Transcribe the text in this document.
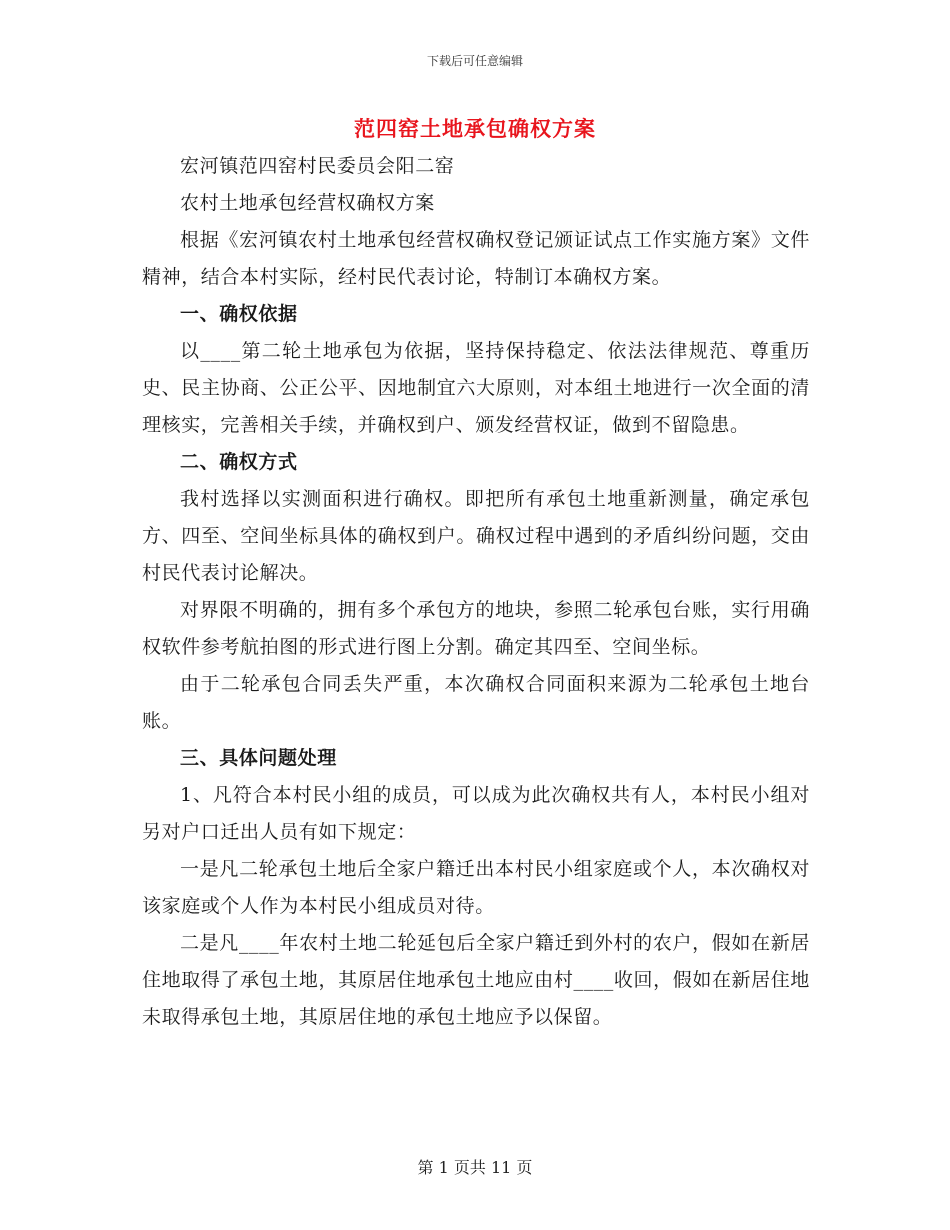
下载后可任意编辑
范四窑土地承包确权方案

宏河镇范四窑村民委员会阳二窑

农村土地承包经营权确权方案

根据《宏河镇农村土地承包经营权确权登记颁证试点工作实施方案》文件精神，结合本村实际，经村民代表讨论，特制订本确权方案。

一、确权依据

以____第二轮土地承包为依据，坚持保持稳定、依法法律规范、尊重历史、民主协商、公正公平、因地制宜六大原则，对本组土地进行一次全面的清理核实，完善相关手续，并确权到户、颁发经营权证，做到不留隐患。

二、确权方式

我村选择以实测面积进行确权。即把所有承包土地重新测量，确定承包方、四至、空间坐标具体的确权到户。确权过程中遇到的矛盾纠纷问题，交由村民代表讨论解决。

对界限不明确的，拥有多个承包方的地块，参照二轮承包台账，实行用确权软件参考航拍图的形式进行图上分割。确定其四至、空间坐标。

由于二轮承包合同丢失严重，本次确权合同面积来源为二轮承包土地台账。

三、具体问题处理

1、凡符合本村民小组的成员，可以成为此次确权共有人，本村民小组对另对户口迁出人员有如下规定：

一是凡二轮承包土地后全家户籍迁出本村民小组家庭或个人，本次确权对该家庭或个人作为本村民小组成员对待。

二是凡____年农村土地二轮延包后全家户籍迁到外村的农户，假如在新居住地取得了承包土地，其原居住地承包土地应由村____收回，假如在新居住地未取得承包土地，其原居住地的承包土地应予以保留。

第 1 页共 11 页
